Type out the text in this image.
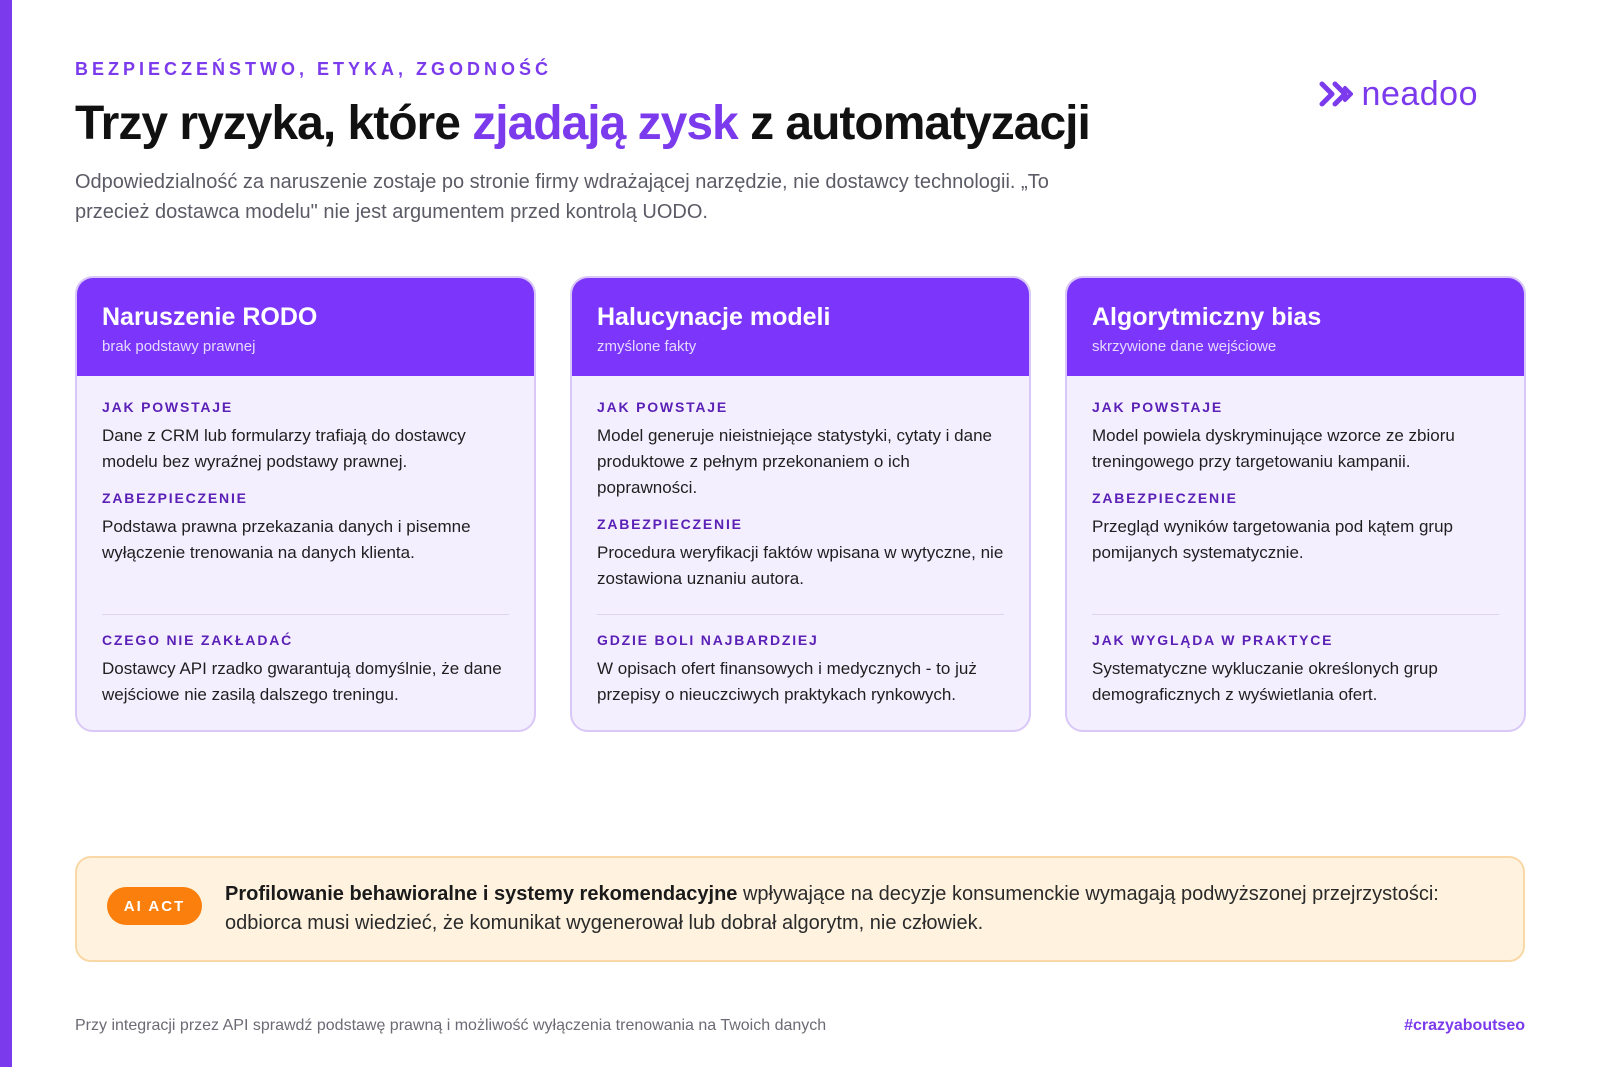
BEZPIECZEŃSTWO, ETYKA, ZGODNOŚĆ
neadoo
Trzy ryzyka, które zjadają zysk z automatyzacji

Odpowiedzialność za naruszenie zostaje po stronie firmy wdrażającej narzędzie, nie dostawcy technologii. „To przecież dostawca modelu" nie jest argumentem przed kontrolą UODO.

Naruszenie RODO
brak podstawy prawnej
JAK POWSTAJE
Dane z CRM lub formularzy trafiają do dostawcy modelu bez wyraźnej podstawy prawnej.
ZABEZPIECZENIE
Podstawa prawna przekazania danych i pisemne wyłączenie trenowania na danych klienta.
CZEGO NIE ZAKŁADAĆ
Dostawcy API rzadko gwarantują domyślnie, że dane wejściowe nie zasilą dalszego treningu.
Halucynacje modeli
zmyślone fakty
JAK POWSTAJE
Model generuje nieistniejące statystyki, cytaty i dane produktowe z pełnym przekonaniem o ich poprawności.
ZABEZPIECZENIE
Procedura weryfikacji faktów wpisana w wytyczne, nie zostawiona uznaniu autora.
GDZIE BOLI NAJBARDZIEJ
W opisach ofert finansowych i medycznych - to już przepisy o nieuczciwych praktykach rynkowych.
Algorytmiczny bias
skrzywione dane wejściowe
JAK POWSTAJE
Model powiela dyskryminujące wzorce ze zbioru treningowego przy targetowaniu kampanii.
ZABEZPIECZENIE
Przegląd wyników targetowania pod kątem grup pomijanych systematycznie.
JAK WYGLĄDA W PRAKTYCE
Systematyczne wykluczanie określonych grup demograficznych z wyświetlania ofert.
AI ACT

Profilowanie behawioralne i systemy rekomendacyjne wpływające na decyzje konsumenckie wymagają podwyższonej przejrzystości: odbiorca musi wiedzieć, że komunikat wygenerował lub dobrał algorytm, nie człowiek.

Przy integracji przez API sprawdź podstawę prawną i możliwość wyłączenia trenowania na Twoich danych	#crazyaboutseo
